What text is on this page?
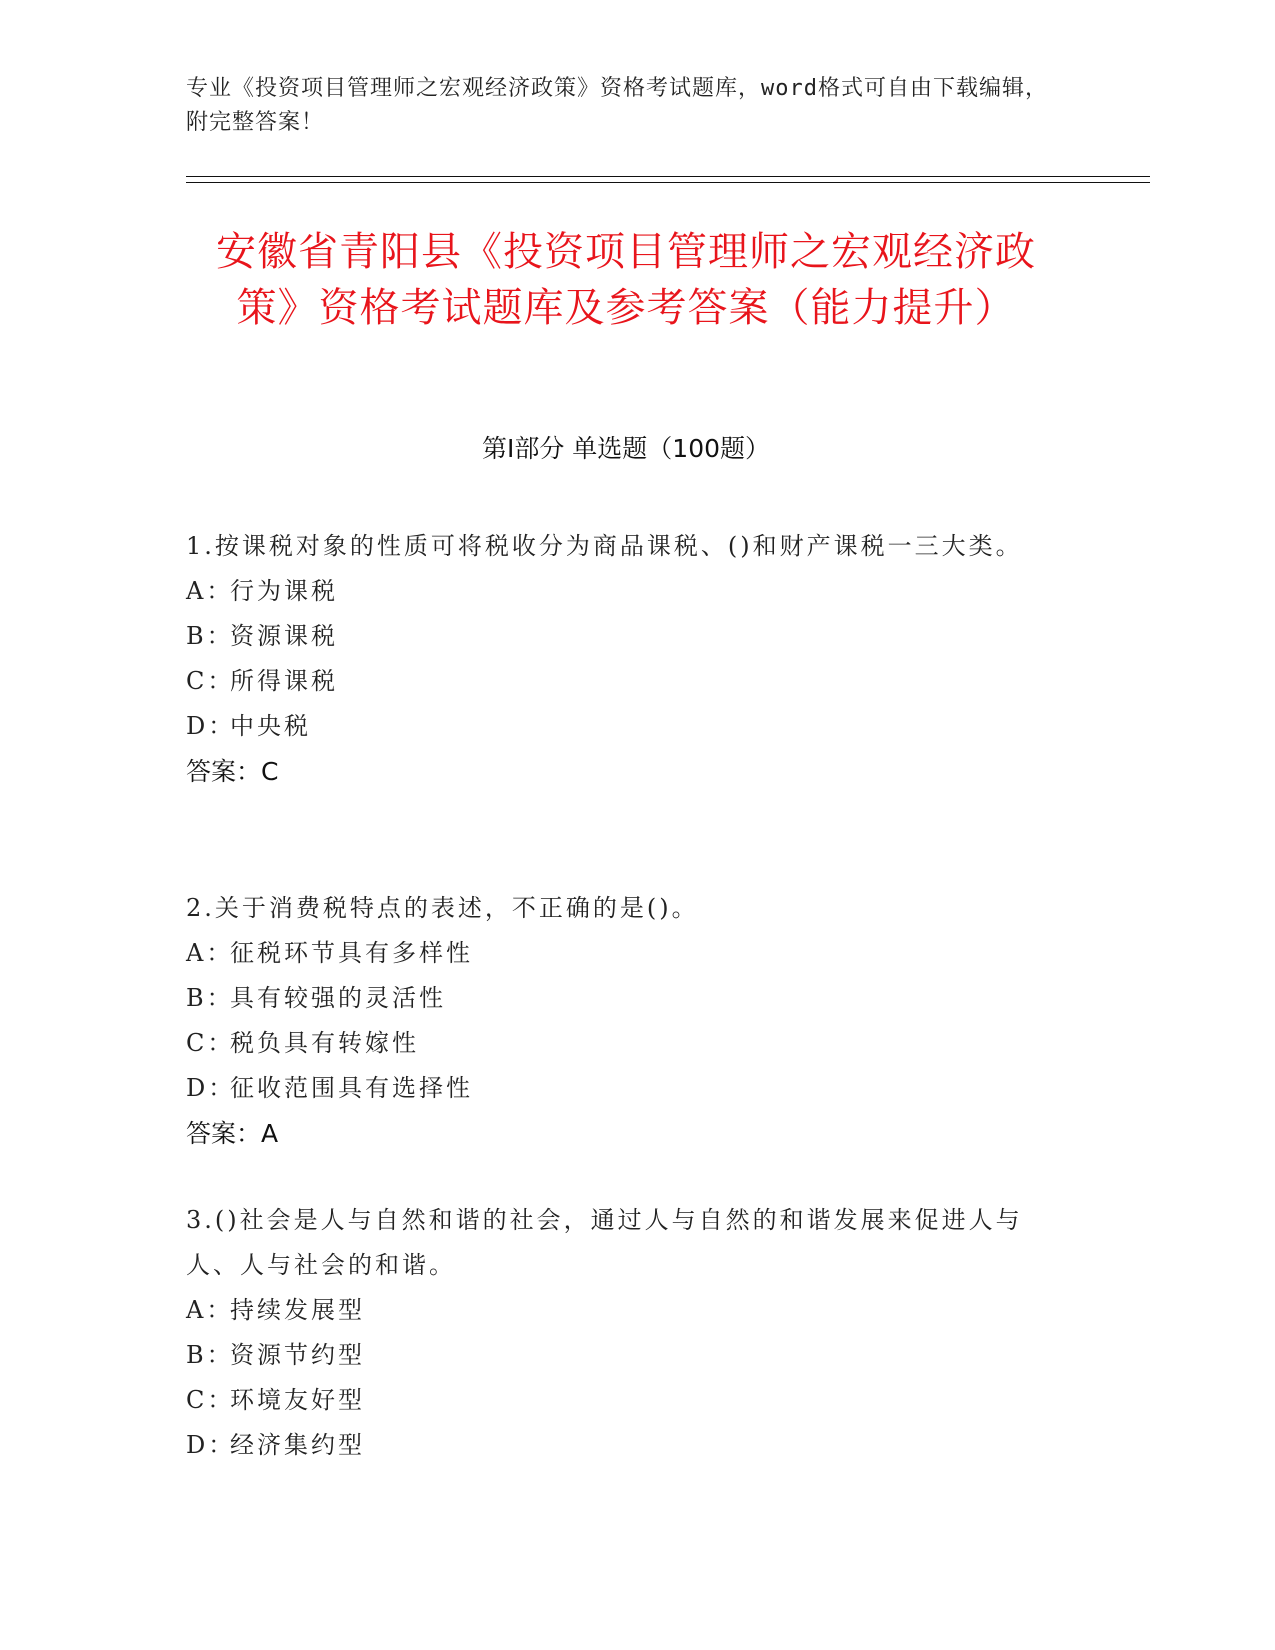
专业《投资项目管理师之宏观经济政策》资格考试题库，word格式可自由下载编辑，附完整答案！
安徽省青阳县《投资项目管理师之宏观经济政策》资格考试题库及参考答案（能力提升）
第Ⅰ部分 单选题（100题）
1.按课税对象的性质可将税收分为商品课税、()和财产课税一三大类。
A：行为课税
B：资源课税
C：所得课税
D：中央税
答案：C
2.关于消费税特点的表述，不正确的是()。
A：征税环节具有多样性
B：具有较强的灵活性
C：税负具有转嫁性
D：征收范围具有选择性
答案：A
3.()社会是人与自然和谐的社会，通过人与自然的和谐发展来促进人与人、人与社会的和谐。
A：持续发展型
B：资源节约型
C：环境友好型
D：经济集约型
